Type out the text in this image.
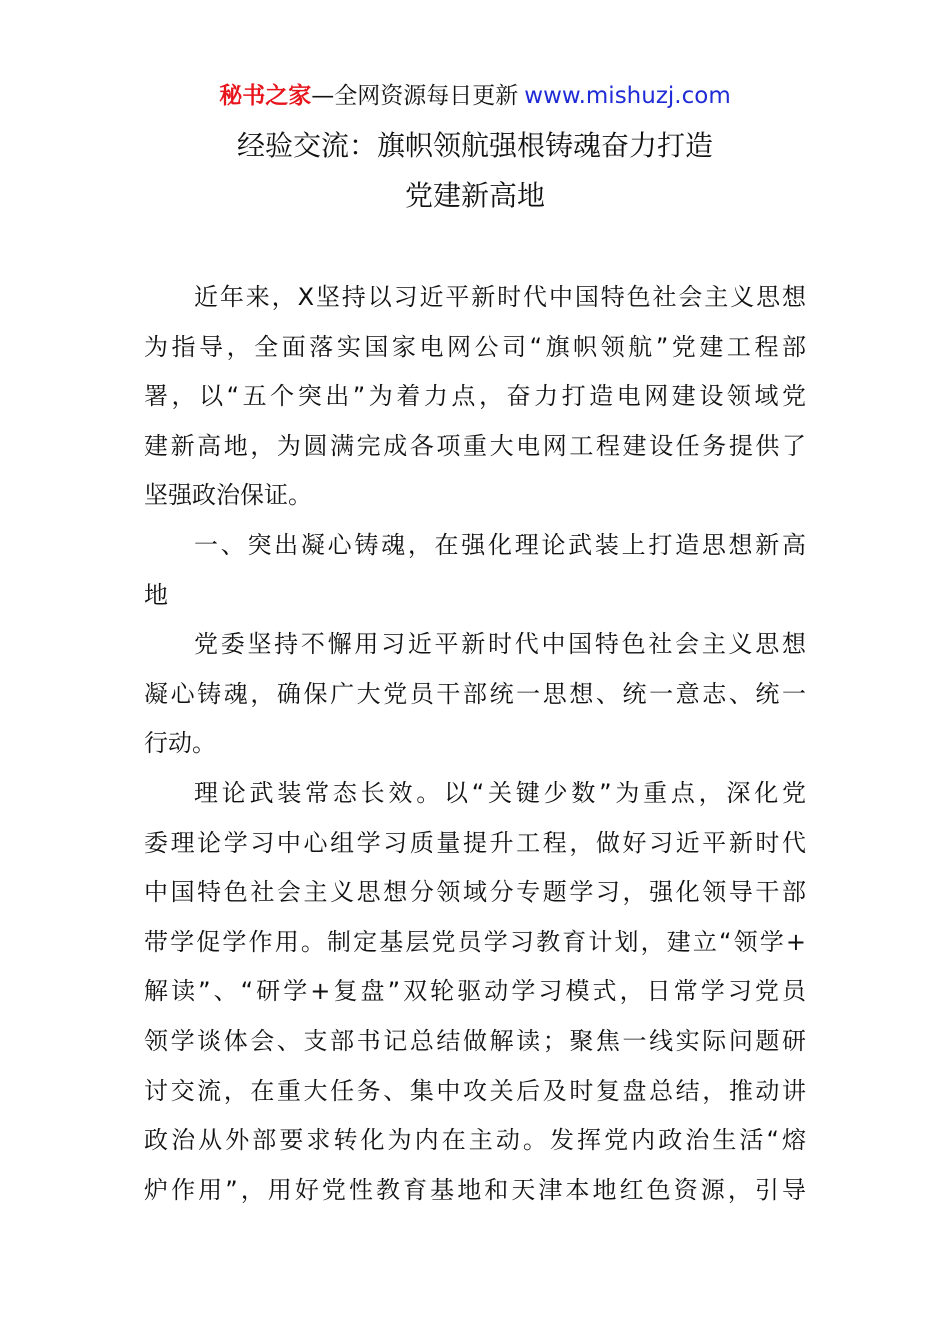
秘书之家—全网资源每日更新 www.mishuzj.com
经验交流：旗帜领航强根铸魂奋力打造
党建新高地
近年来，X坚持以习近平新时代中国特色社会主义思想
为指导，全面落实国家电网公司“旗帜领航”党建工程部
署，以“五个突出”为着力点，奋力打造电网建设领域党
建新高地，为圆满完成各项重大电网工程建设任务提供了
坚强政治保证。
一、突出凝心铸魂，在强化理论武装上打造思想新高
地
党委坚持不懈用习近平新时代中国特色社会主义思想
凝心铸魂，确保广大党员干部统一思想、统一意志、统一
行动。
理论武装常态长效。以“关键少数”为重点，深化党
委理论学习中心组学习质量提升工程，做好习近平新时代
中国特色社会主义思想分领域分专题学习，强化领导干部
带学促学作用。制定基层党员学习教育计划，建立“领学+
解读”、“研学+复盘”双轮驱动学习模式，日常学习党员
领学谈体会、支部书记总结做解读；聚焦一线实际问题研
讨交流，在重大任务、集中攻关后及时复盘总结，推动讲
政治从外部要求转化为内在主动。发挥党内政治生活“熔
炉作用”，用好党性教育基地和天津本地红色资源，引导
